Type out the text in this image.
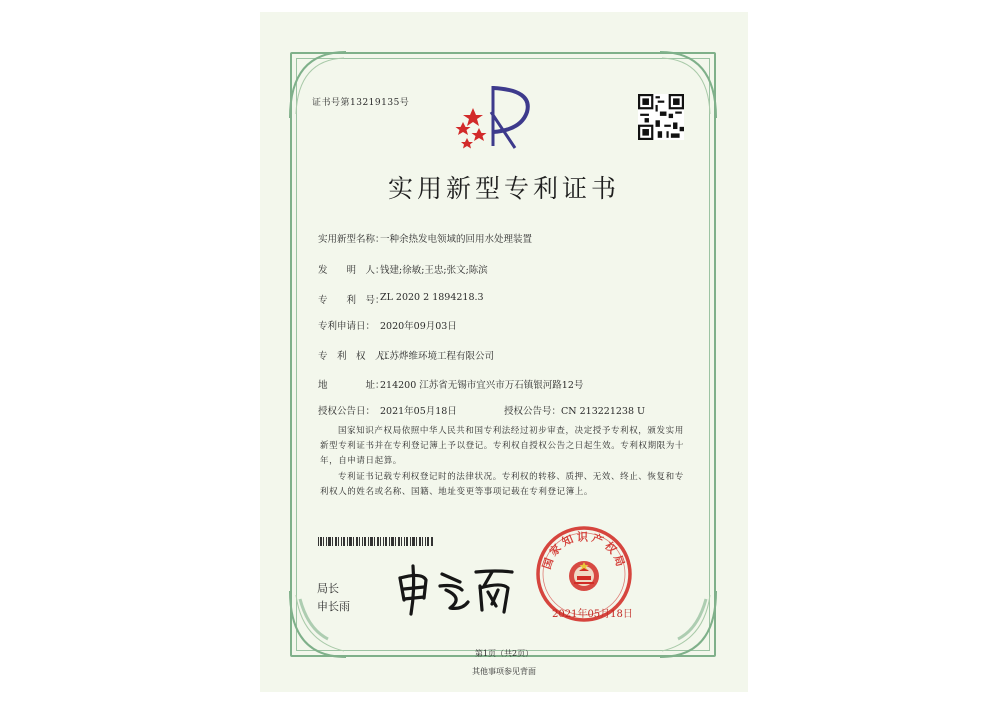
证书号第13219135号
实用新型专利证书
实用新型名称：
一种余热发电领域的回用水处理装置
发　　明　人：
钱建;徐敏;王忠;张文;陈滨
专　　利　号：
ZL 2020 2 1894218.3
专利申请日： 2020年09月03日
专　利　权　人：
江苏烨维环境工程有限公司
地　　　　址：
214200 江苏省无锡市宜兴市万石镇银河路12号
授权公告日： 2021年05月18日	授权公告号：CN 213221238 U
国家知识产权局依照中华人民共和国专利法经过初步审查，决定授予专利权，颁发实用新型专利证书并在专利登记簿上予以登记。专利权自授权公告之日起生效。专利权期限为十年，自申请日起算。
专利证书记载专利权登记时的法律状况。专利权的转移、质押、无效、终止、恢复和专利权人的姓名或名称、国籍、地址变更等事项记载在专利登记簿上。
局长
申长雨
国家知识产权局
2021年05月18日
第1页（共2页）
其他事项参见背面
